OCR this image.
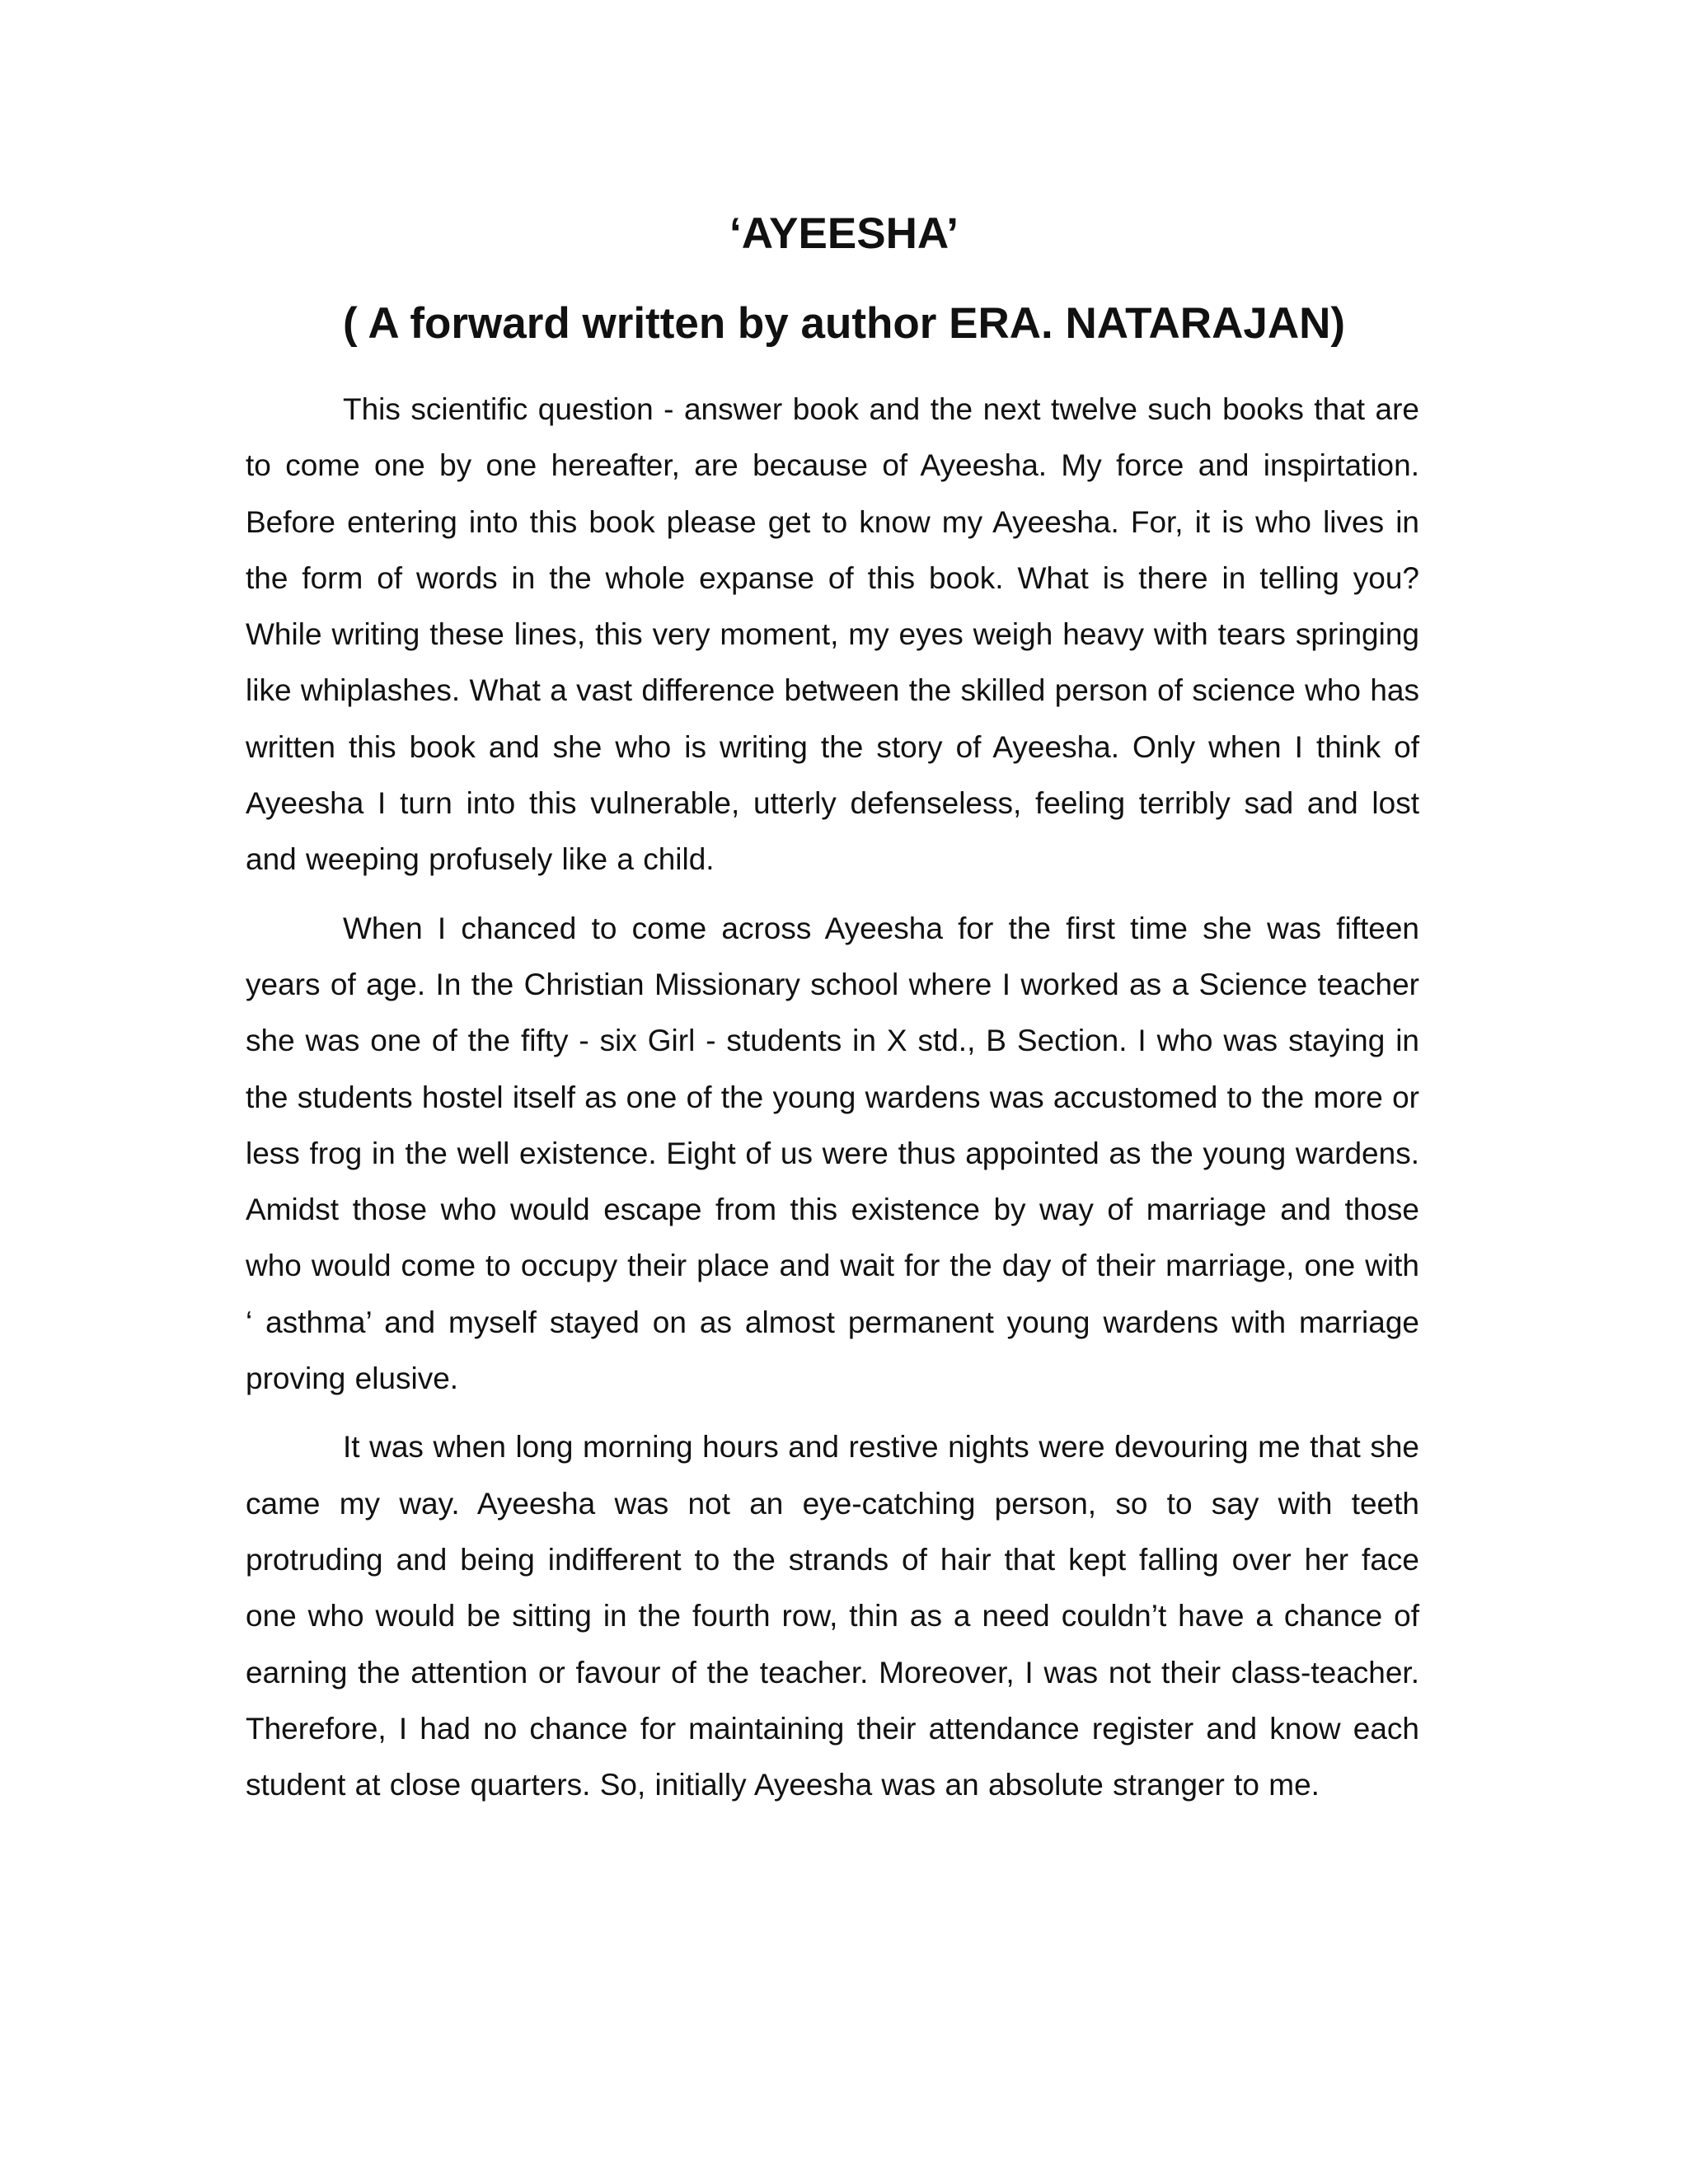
‘AYEESHA’
( A forward written by author ERA. NATARAJAN)

This scientific question - answer book and the next twelve such books that are to come one by one hereafter, are because of Ayeesha. My force and inspirtation. Before entering into this book please get to know my Ayeesha. For, it is who lives in the form of words in the whole expanse of this book. What is there in telling you? While writing these lines, this very moment, my eyes weigh heavy with tears springing like whiplashes. What a vast difference between the skilled person of science who has written this book and she who is writing the story of Ayeesha. Only when I think of Ayeesha I turn into this vulnerable, utterly defenseless, feeling terribly sad and lost and weeping profusely like a child.

When I chanced to come across Ayeesha for the first time she was fifteen years of age. In the Christian Missionary school where I worked as a Science teacher she was one of the fifty - six Girl - students in X std., B Section. I who was staying in the students hostel itself as one of the young wardens was accustomed to the more or less frog in the well existence. Eight of us were thus appointed as the young wardens. Amidst those who would escape from this existence by way of marriage and those who would come to occupy their place and wait for the day of their marriage, one with ‘ asthma’ and myself stayed on as almost permanent young wardens with marriage proving elusive.

It was when long morning hours and restive nights were devouring me that she came my way. Ayeesha was not an eye-catching person, so to say with teeth protruding and being indifferent to the strands of hair that kept falling over her face one who would be sitting in the fourth row, thin as a need couldn’t have a chance of earning the attention or favour of the teacher. Moreover, I was not their class-teacher. Therefore, I had no chance for maintaining their attendance register and know each student at close quarters. So, initially Ayeesha was an absolute stranger to me.
